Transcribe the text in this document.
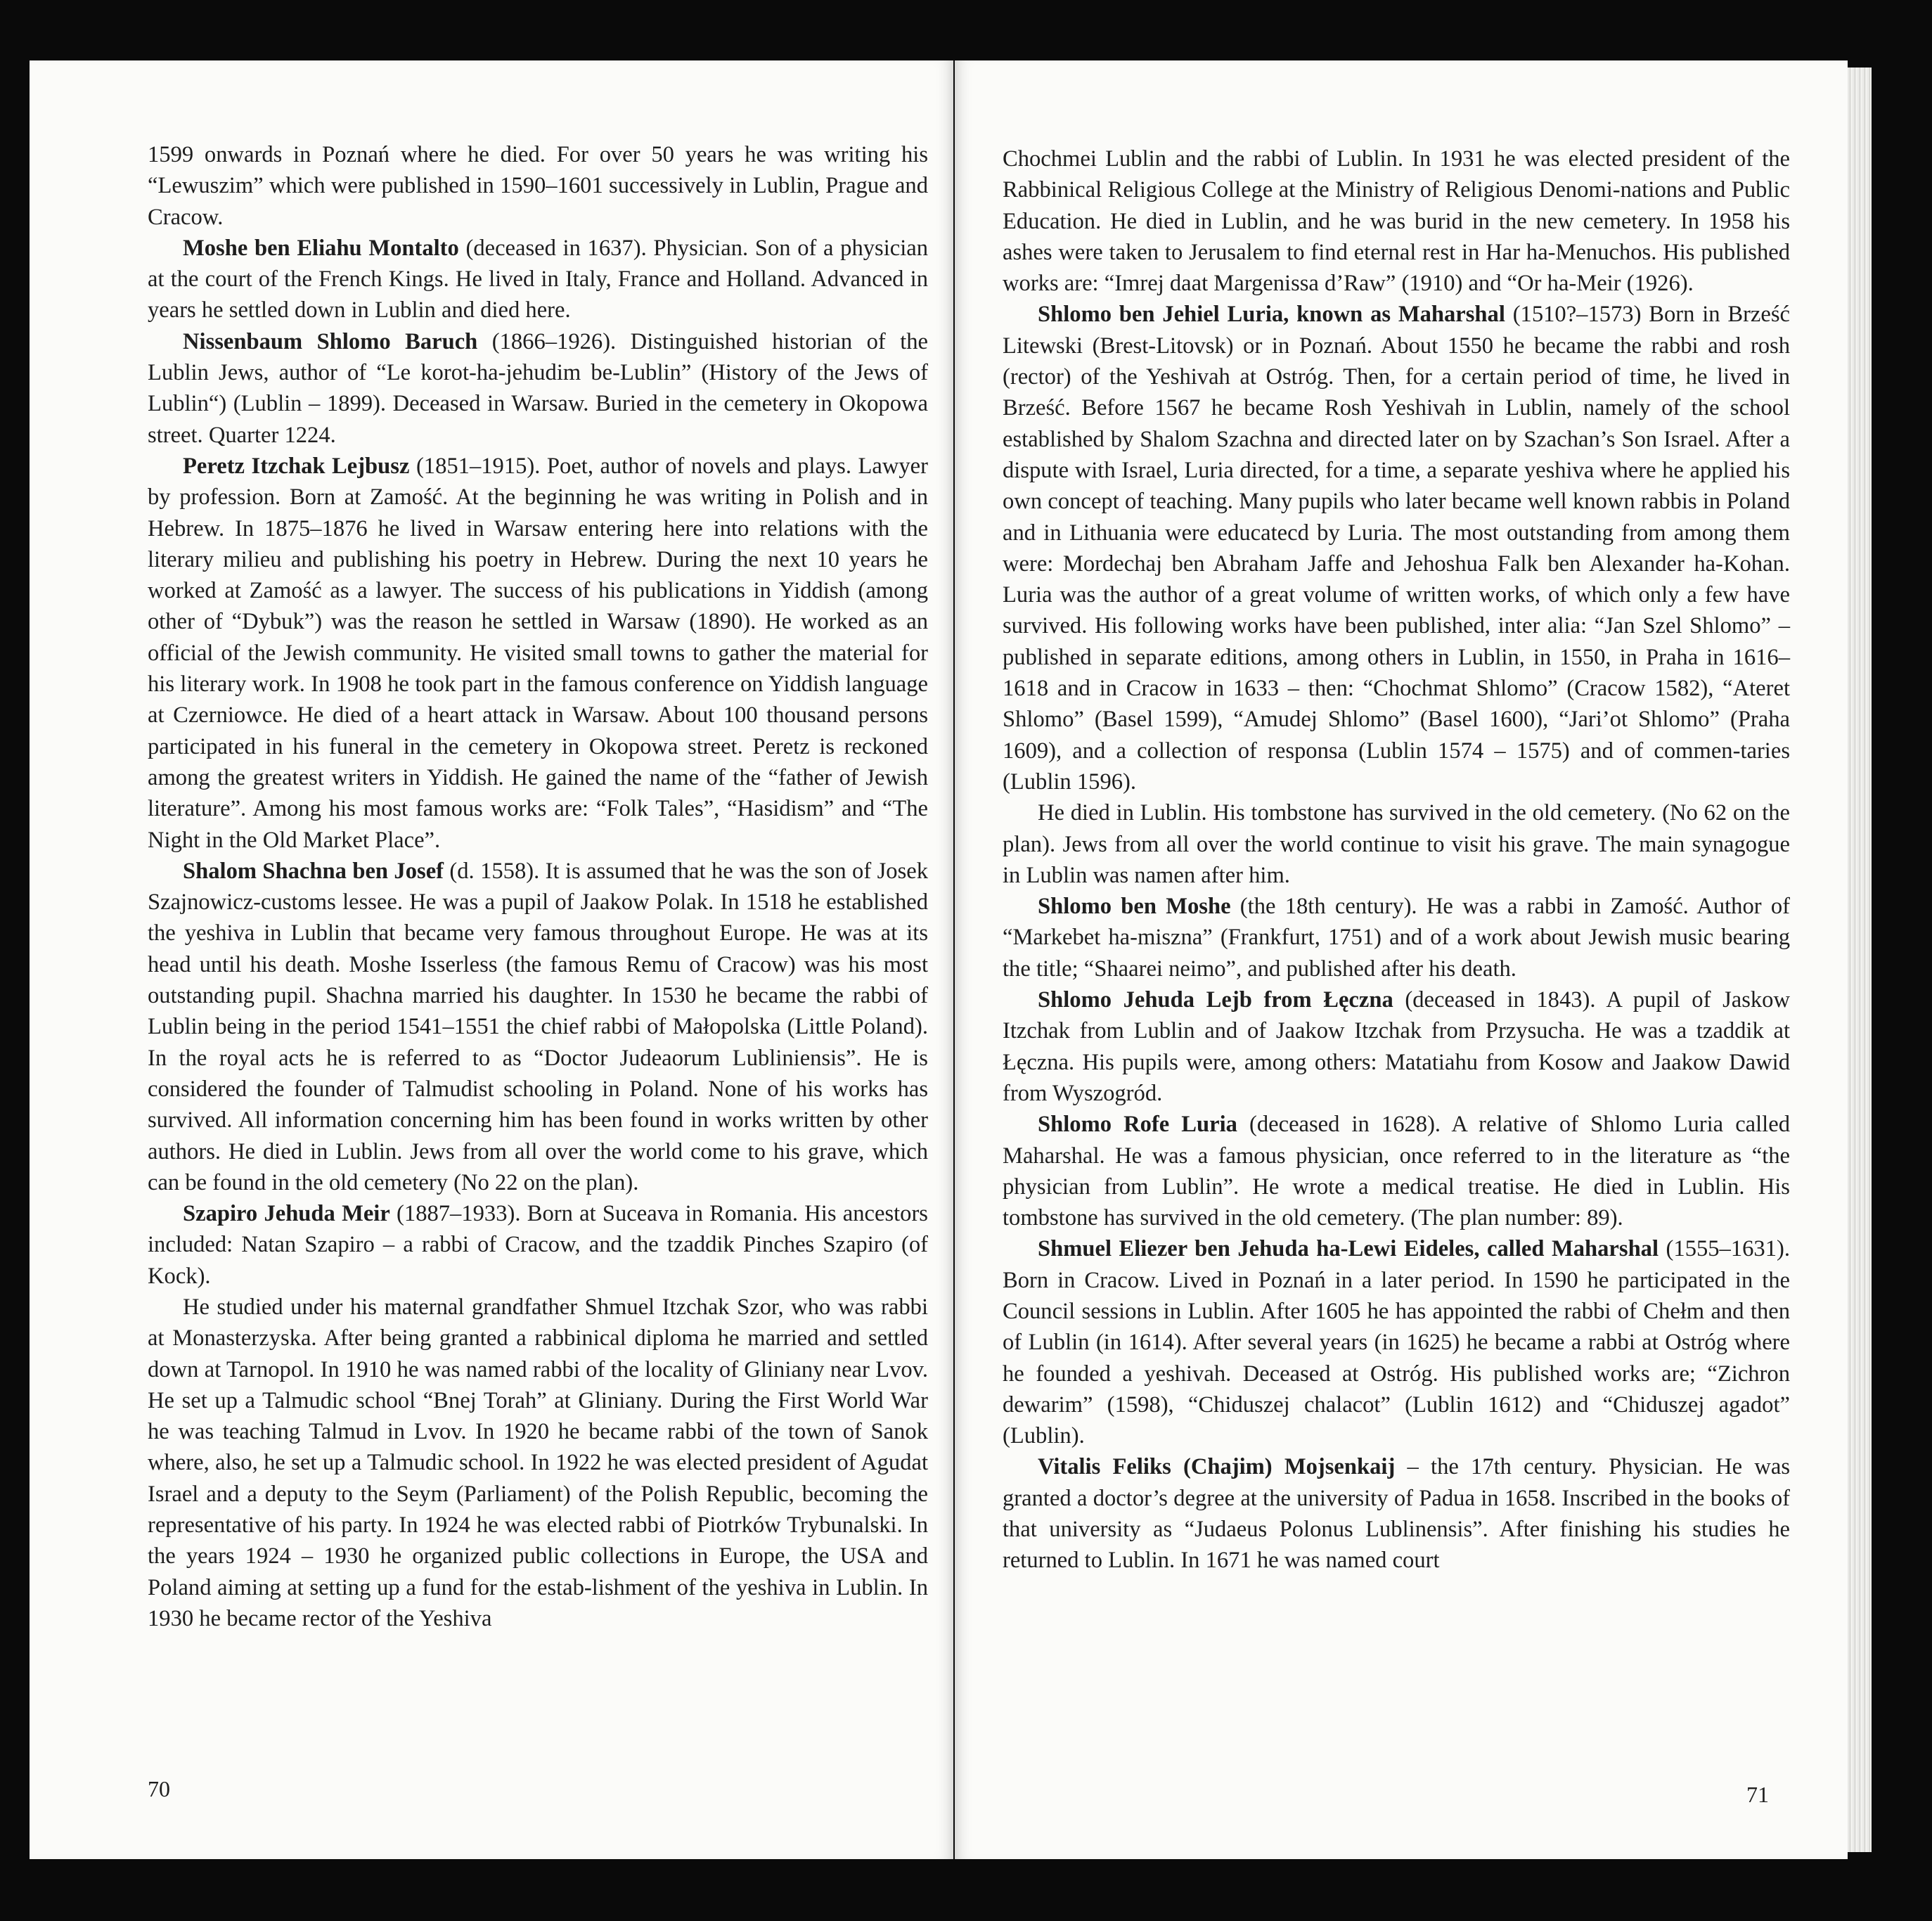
1599 onwards in Poznań where he died. For over 50 years he was writing his “Lewuszim” which were published in 1590–1601 successively in Lublin, Prague and Cracow.

Moshe ben Eliahu Montalto (deceased in 1637). Physician. Son of a physician at the court of the French Kings. He lived in Italy, France and Holland. Advanced in years he settled down in Lublin and died here.

Nissenbaum Shlomo Baruch (1866–1926). Distinguished historian of the Lublin Jews, author of “Le korot-ha-jehudim be-Lublin” (History of the Jews of Lublin“) (Lublin – 1899). Deceased in Warsaw. Buried in the cemetery in Okopowa street. Quarter 1224.

Peretz Itzchak Lejbusz (1851–1915). Poet, author of novels and plays. Lawyer by profession. Born at Zamość. At the beginning he was writing in Polish and in Hebrew. In 1875–1876 he lived in Warsaw entering here into relations with the literary milieu and publishing his poetry in Hebrew. During the next 10 years he worked at Zamość as a lawyer. The success of his publications in Yiddish (among other of “Dybuk”) was the reason he settled in Warsaw (1890). He worked as an official of the Jewish community. He visited small towns to gather the material for his literary work. In 1908 he took part in the famous conference on Yiddish language at Czerniowce. He died of a heart attack in Warsaw. About 100 thousand persons participated in his funeral in the cemetery in Okopowa street. Peretz is reckoned among the greatest writers in Yiddish. He gained the name of the “father of Jewish literature”. Among his most famous works are: “Folk Tales”, “Hasidism” and “The Night in the Old Market Place”.

Shalom Shachna ben Josef (d. 1558). It is assumed that he was the son of Josek Szajnowicz-customs lessee. He was a pupil of Jaakow Polak. In 1518 he established the yeshiva in Lublin that became very famous throughout Europe. He was at its head until his death. Moshe Isserless (the famous Remu of Cracow) was his most outstanding pupil. Shachna married his daughter. In 1530 he became the rabbi of Lublin being in the period 1541–1551 the chief rabbi of Małopolska (Little Poland). In the royal acts he is referred to as “Doctor Judeaorum Lubliniensis”. He is considered the founder of Talmudist schooling in Poland. None of his works has survived. All information concerning him has been found in works written by other authors. He died in Lublin. Jews from all over the world come to his grave, which can be found in the old cemetery (No 22 on the plan).

Szapiro Jehuda Meir (1887–1933). Born at Suceava in Romania. His ancestors included: Natan Szapiro – a rabbi of Cracow, and the tzaddik Pinches Szapiro (of Kock).

He studied under his maternal grandfather Shmuel Itzchak Szor, who was rabbi at Monasterzyska. After being granted a rabbinical diploma he married and settled down at Tarnopol. In 1910 he was named rabbi of the locality of Gliniany near Lvov. He set up a Talmudic school “Bnej Torah” at Gliniany. During the First World War he was teaching Talmud in Lvov. In 1920 he became rabbi of the town of Sanok where, also, he set up a Talmudic school. In 1922 he was elected president of Agudat Israel and a deputy to the Seym (Parliament) of the Polish Republic, becoming the representative of his party. In 1924 he was elected rabbi of Piotrków Trybunalski. In the years 1924 – 1930 he organized public collections in Europe, the USA and Poland aiming at setting up a fund for the estab-lishment of the yeshiva in Lublin. In 1930 he became rector of the Yeshiva

70

Chochmei Lublin and the rabbi of Lublin. In 1931 he was elected president of the Rabbinical Religious College at the Ministry of Religious Denomi-nations and Public Education. He died in Lublin, and he was burid in the new cemetery. In 1958 his ashes were taken to Jerusalem to find eternal rest in Har ha-Menuchos. His published works are: “Imrej daat Margenissa d’Raw” (1910) and “Or ha-Meir (1926).

Shlomo ben Jehiel Luria, known as Maharshal (1510?–1573) Born in Brześć Litewski (Brest-Litovsk) or in Poznań. About 1550 he became the rabbi and rosh (rector) of the Yeshivah at Ostróg. Then, for a certain period of time, he lived in Brześć. Before 1567 he became Rosh Yeshivah in Lublin, namely of the school established by Shalom Szachna and directed later on by Szachan’s Son Israel. After a dispute with Israel, Luria directed, for a time, a separate yeshiva where he applied his own concept of teaching. Many pupils who later became well known rabbis in Poland and in Lithuania were educatecd by Luria. The most outstanding from among them were: Mordechaj ben Abraham Jaffe and Jehoshua Falk ben Alexander ha-Kohan. Luria was the author of a great volume of written works, of which only a few have survived. His following works have been published, inter alia: “Jan Szel Shlomo” – published in separate editions, among others in Lublin, in 1550, in Praha in 1616–1618 and in Cracow in 1633 – then: “Chochmat Shlomo” (Cracow 1582), “Ateret Shlomo” (Basel 1599), “Amudej Shlomo” (Basel 1600), “Jari’ot Shlomo” (Praha 1609), and a collection of responsa (Lublin 1574 – 1575) and of commen-taries (Lublin 1596).

He died in Lublin. His tombstone has survived in the old cemetery. (No 62 on the plan). Jews from all over the world continue to visit his grave. The main synagogue in Lublin was namen after him.

Shlomo ben Moshe (the 18th century). He was a rabbi in Zamość. Author of “Markebet ha-miszna” (Frankfurt, 1751) and of a work about Jewish music bearing the title; “Shaarei neimo”, and published after his death.

Shlomo Jehuda Lejb from Łęczna (deceased in 1843). A pupil of Jaskow Itzchak from Lublin and of Jaakow Itzchak from Przysucha. He was a tzaddik at Łęczna. His pupils were, among others: Matatiahu from Kosow and Jaakow Dawid from Wyszogród.

Shlomo Rofe Luria (deceased in 1628). A relative of Shlomo Luria called Maharshal. He was a famous physician, once referred to in the literature as “the physician from Lublin”. He wrote a medical treatise. He died in Lublin. His tombstone has survived in the old cemetery. (The plan number: 89).

Shmuel Eliezer ben Jehuda ha-Lewi Eideles, called Maharshal (1555–1631). Born in Cracow. Lived in Poznań in a later period. In 1590 he participated in the Council sessions in Lublin. After 1605 he has appointed the rabbi of Chełm and then of Lublin (in 1614). After several years (in 1625) he became a rabbi at Ostróg where he founded a yeshivah. Deceased at Ostróg. His published works are; “Zichron dewarim” (1598), “Chiduszej chalacot” (Lublin 1612) and “Chiduszej agadot” (Lublin).

Vitalis Feliks (Chajim) Mojsenkaij – the 17th century. Physician. He was granted a doctor’s degree at the university of Padua in 1658. Inscribed in the books of that university as “Judaeus Polonus Lublinensis”. After finishing his studies he returned to Lublin. In 1671 he was named court

71
